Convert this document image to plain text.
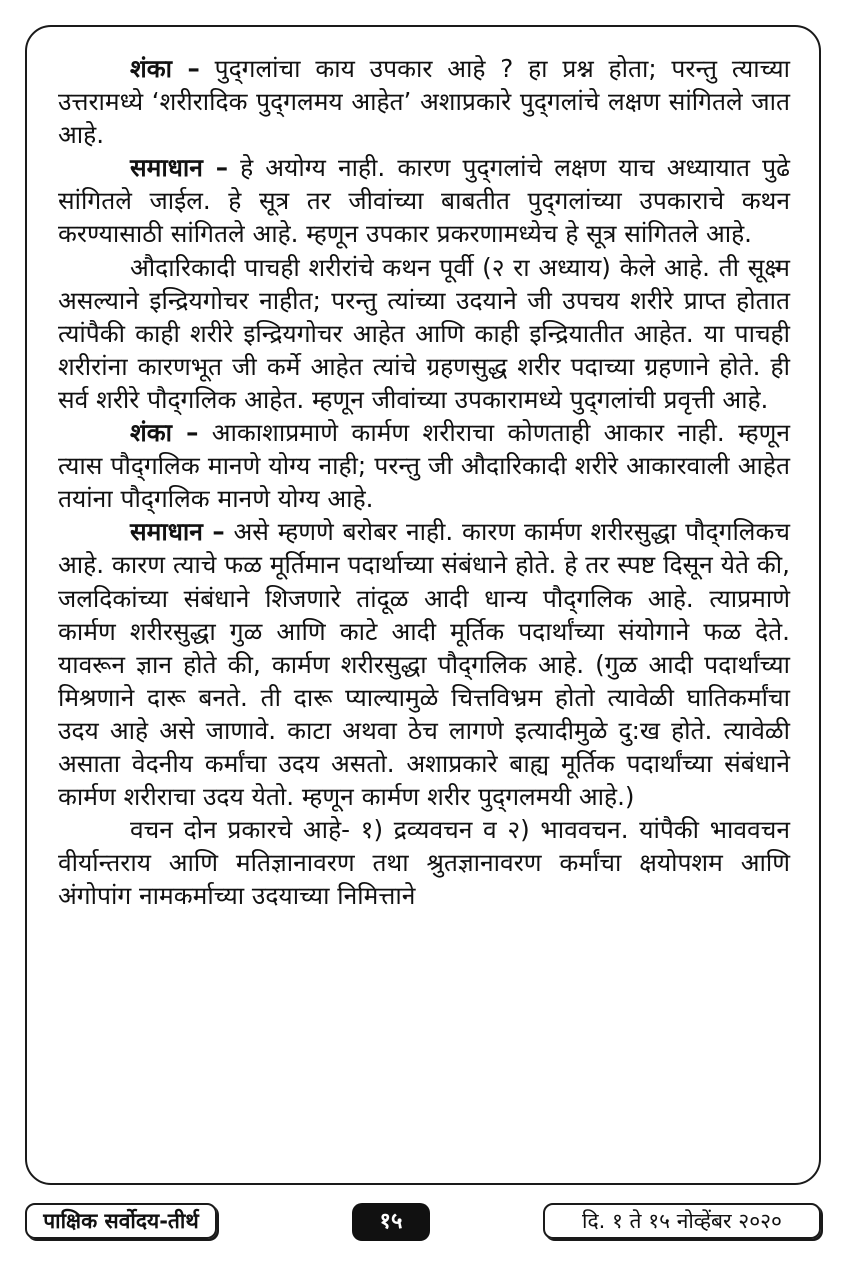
शंका – पुद्‌गलांचा काय उपकार आहे ? हा प्रश्न होता; परन्तु त्याच्या उत्तरामध्ये ‘शरीरादिक पुद्‌गलमय आहेत’ अशाप्रकारे पुद्‌गलांचे लक्षण सांगितले जात आहे.

समाधान – हे अयोग्य नाही. कारण पुद्‌गलांचे लक्षण याच अध्यायात पुढे सांगितले जाईल. हे सूत्र तर जीवांच्या बाबतीत पुद्‌गलांच्या उपकाराचे कथन करण्यासाठी सांगितले आहे. म्हणून उपकार प्रकरणामध्येच हे सूत्र सांगितले आहे.

औदारिकादी पाचही शरीरांचे कथन पूर्वी (२ रा अध्याय) केले आहे. ती सूक्ष्म असल्याने इन्द्रियगोचर नाहीत; परन्तु त्यांच्या उदयाने जी उपचय शरीरे प्राप्त होतात त्यांपैकी काही शरीरे इन्द्रियगोचर आहेत आणि काही इन्द्रियातीत आहेत. या पाचही शरीरांना कारणभूत जी कर्मे आहेत त्यांचे ग्रहणसुद्ध शरीर पदाच्या ग्रहणाने होते. ही सर्व शरीरे पौद्‌गलिक आहेत. म्हणून जीवांच्या उपकारामध्ये पुद्‌गलांची प्रवृत्ती आहे.

शंका – आकाशाप्रमाणे कार्मण शरीराचा कोणताही आकार नाही. म्हणून त्यास पौद्‌गलिक मानणे योग्य नाही; परन्तु जी औदारिकादी शरीरे आकारवाली आहेत तयांना पौद्‌गलिक मानणे योग्य आहे.

समाधान – असे म्हणणे बरोबर नाही. कारण कार्मण शरीरसुद्धा पौद्‌गलिकच आहे. कारण त्याचे फळ मूर्तिमान पदार्थाच्या संबंधाने होते. हे तर स्पष्ट दिसून येते की, जलदिकांच्या संबंधाने शिजणारे तांदूळ आदी धान्य पौद्‌गलिक आहे. त्याप्रमाणे कार्मण शरीरसुद्धा गुळ आणि काटे आदी मूर्तिक पदार्थांच्या संयोगाने फळ देते. यावरून ज्ञान होते की, कार्मण शरीरसुद्धा पौद्‌गलिक आहे. (गुळ आदी पदार्थांच्या मिश्रणाने दारू बनते. ती दारू प्याल्यामुळे चित्तविभ्रम होतो त्यावेळी घातिकर्मांचा उदय आहे असे जाणावे. काटा अथवा ठेच लागणे इत्यादीमुळे दु:ख होते. त्यावेळी असाता वेदनीय कर्मांचा उदय असतो. अशाप्रकारे बाह्य मूर्तिक पदार्थांच्या संबंधाने कार्मण शरीराचा उदय येतो. म्हणून कार्मण शरीर पुद्‌गलमयी आहे.)

वचन दोन प्रकारचे आहे- १) द्रव्यवचन व २) भाववचन. यांपैकी भाववचन वीर्यान्तराय आणि मतिज्ञानावरण तथा श्रुतज्ञानावरण कर्मांचा क्षयोपशम आणि अंगोपांग नामकर्माच्या उदयाच्या निमित्ताने

पाक्षिक सर्वोदय-तीर्थ	१५	दि. १ ते १५ नोव्हेंबर २०२०
